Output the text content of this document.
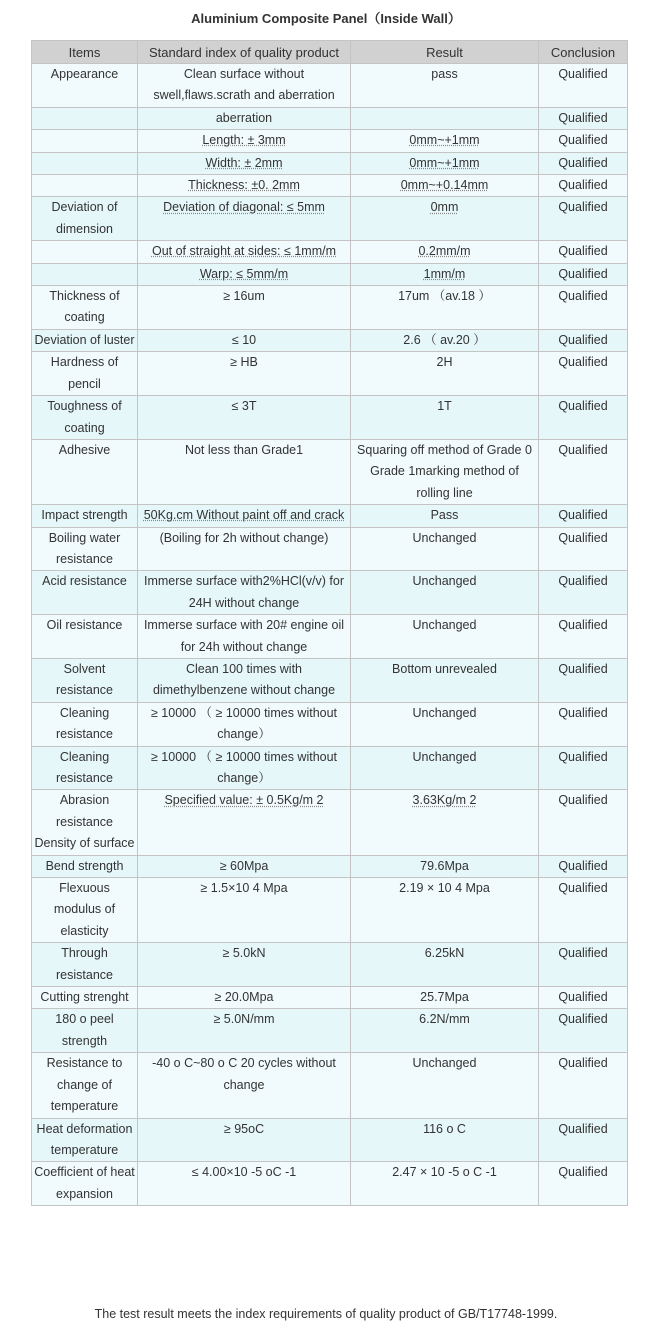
Aluminium Composite Panel（Inside Wall）
Items	Standard index of quality product	Result	Conclusion
Appearance	Clean surface without swell,flaws.scrath and aberration	pass	Qualified
	aberration		Qualified
	Length: ± 3mm	0mm~+1mm	Qualified
	Width: ± 2mm	0mm~+1mm	Qualified
	Thickness: ±0. 2mm	0mm~+0.14mm	Qualified
Deviation of dimension	Deviation of diagonal: ≤ 5mm	0mm	Qualified
	Out of straight at sides: ≤ 1mm/m	0.2mm/m	Qualified
	Warp: ≤ 5mm/m	1mm/m	Qualified
Thickness of coating	≥ 16um	17um （av.18 ）	Qualified
Deviation of luster	≤ 10	2.6 （ av.20 ）	Qualified
Hardness of pencil	≥ HB	2H	Qualified
Toughness of coating	≤ 3T	1T	Qualified
Adhesive	Not less than Grade1	Squaring off method of Grade 0 Grade 1marking method of rolling line	Qualified
Impact strength	50Kg.cm Without paint off and crack	Pass	Qualified
Boiling water resistance	(Boiling for 2h without change)	Unchanged	Qualified
Acid resistance	Immerse surface with2%HCl(v/v) for 24H without change	Unchanged	Qualified
Oil resistance	Immerse surface with 20# engine oil for 24h without change	Unchanged	Qualified
Solvent resistance	Clean 100 times with dimethylbenzene without change	Bottom unrevealed	Qualified
Cleaning resistance	≥ 10000 （ ≥ 10000 times without change）	Unchanged	Qualified
Cleaning resistance	≥ 10000 （ ≥ 10000 times without change）	Unchanged	Qualified
Abrasion resistance Density of surface	Specified value: ± 0.5Kg/m 2	3.63Kg/m 2	Qualified
Bend strength	≥ 60Mpa	79.6Mpa	Qualified
Flexuous modulus of elasticity	≥ 1.5×10 4 Mpa	2.19 × 10 4 Mpa	Qualified
Through resistance	≥ 5.0kN	6.25kN	Qualified
Cutting strenght	≥ 20.0Mpa	25.7Mpa	Qualified
180 o peel strength	≥ 5.0N/mm	6.2N/mm	Qualified
Resistance to change of temperature	-40 o C~80 o C 20 cycles without change	Unchanged	Qualified
Heat deformation temperature	≥ 95oC	116 o C	Qualified
Coefficient of heat expansion	≤ 4.00×10 -5 oC -1	2.47 × 10 -5 o C -1	Qualified
The test result meets the index requirements of quality product of GB/T17748-1999.
